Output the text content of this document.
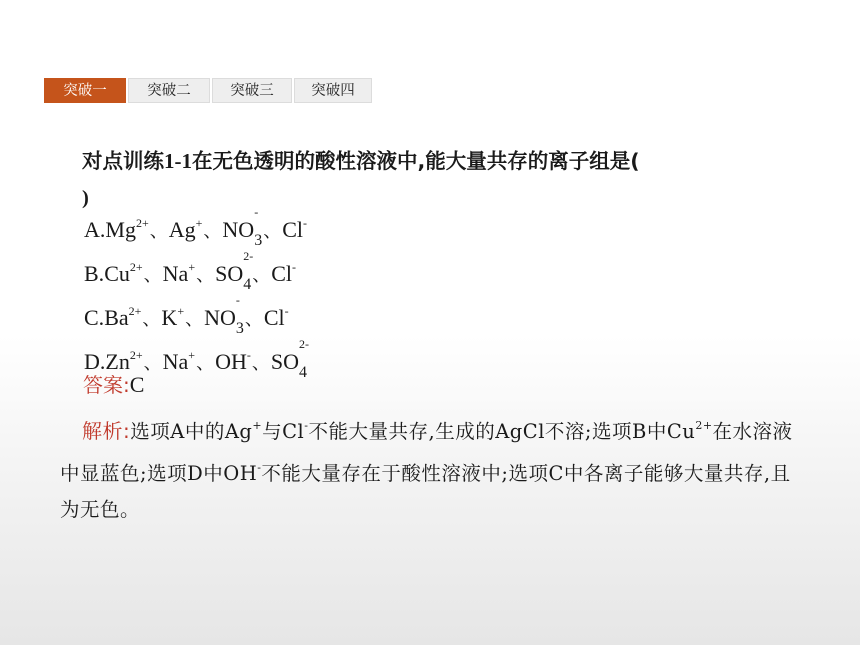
突破一	突破二	突破三	突破四
对点训练1-1在无色透明的酸性溶液中,能大量共存的离子组是(
)
$A.Mg^{2+}$、Ag+、NO
-
$_3$、Cl-
$B.Cu^{2+}$、Na+、SO
2-
$_4$、Cl-
$C.Ba^{2+}$、K+、NO
-
$_3$、Cl-
$D.Zn^{2+}$、Na+、OH-、SO
2-
$_4$
答案:C
解析:选项A中的Ag+与Cl-不能大量共存,生成的AgCl不溶;选项B中$Cu^{2+}$在水溶液中显蓝色;选项D中OH-不能大量存在于酸性溶液中;选项C中各离子能够大量共存,且为无色。
